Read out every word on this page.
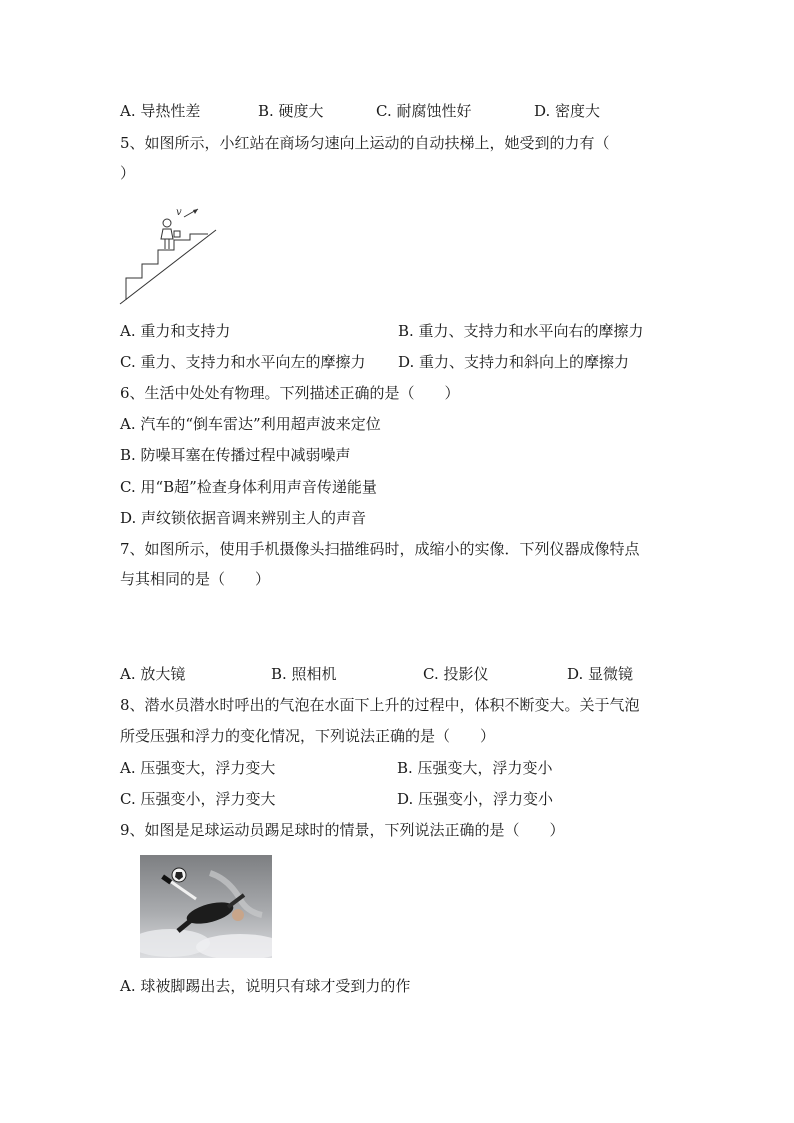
A. 导热性差	B. 硬度大	C. 耐腐蚀性好	D. 密度大
5、如图所示，小红站在商场匀速向上运动的自动扶梯上，她受到的力有（
）
v
A. 重力和支持力	B. 重力、支持力和水平向右的摩擦力
C. 重力、支持力和水平向左的摩擦力 D. 重力、支持力和斜向上的摩擦力
6、生活中处处有物理。下列描述正确的是（　　）
A. 汽车的“倒车雷达”利用超声波来定位
B. 防噪耳塞在传播过程中减弱噪声
C. 用“B超”检查身体利用声音传递能量
D. 声纹锁依据音调来辨别主人的声音
7、如图所示，使用手机摄像头扫描维码时，成缩小的实像．下列仪器成像特点
与其相同的是（　　）
A. 放大镜	B. 照相机	C. 投影仪	D. 显微镜
8、潜水员潜水时呼出的气泡在水面下上升的过程中，体积不断变大。关于气泡
所受压强和浮力的变化情况，下列说法正确的是（　　）
A. 压强变大，浮力变大	B. 压强变大，浮力变小
C. 压强变小，浮力变大	D. 压强变小，浮力变小
9、如图是足球运动员踢足球时的情景，下列说法正确的是（　　）
A. 球被脚踢出去，说明只有球才受到力的作
